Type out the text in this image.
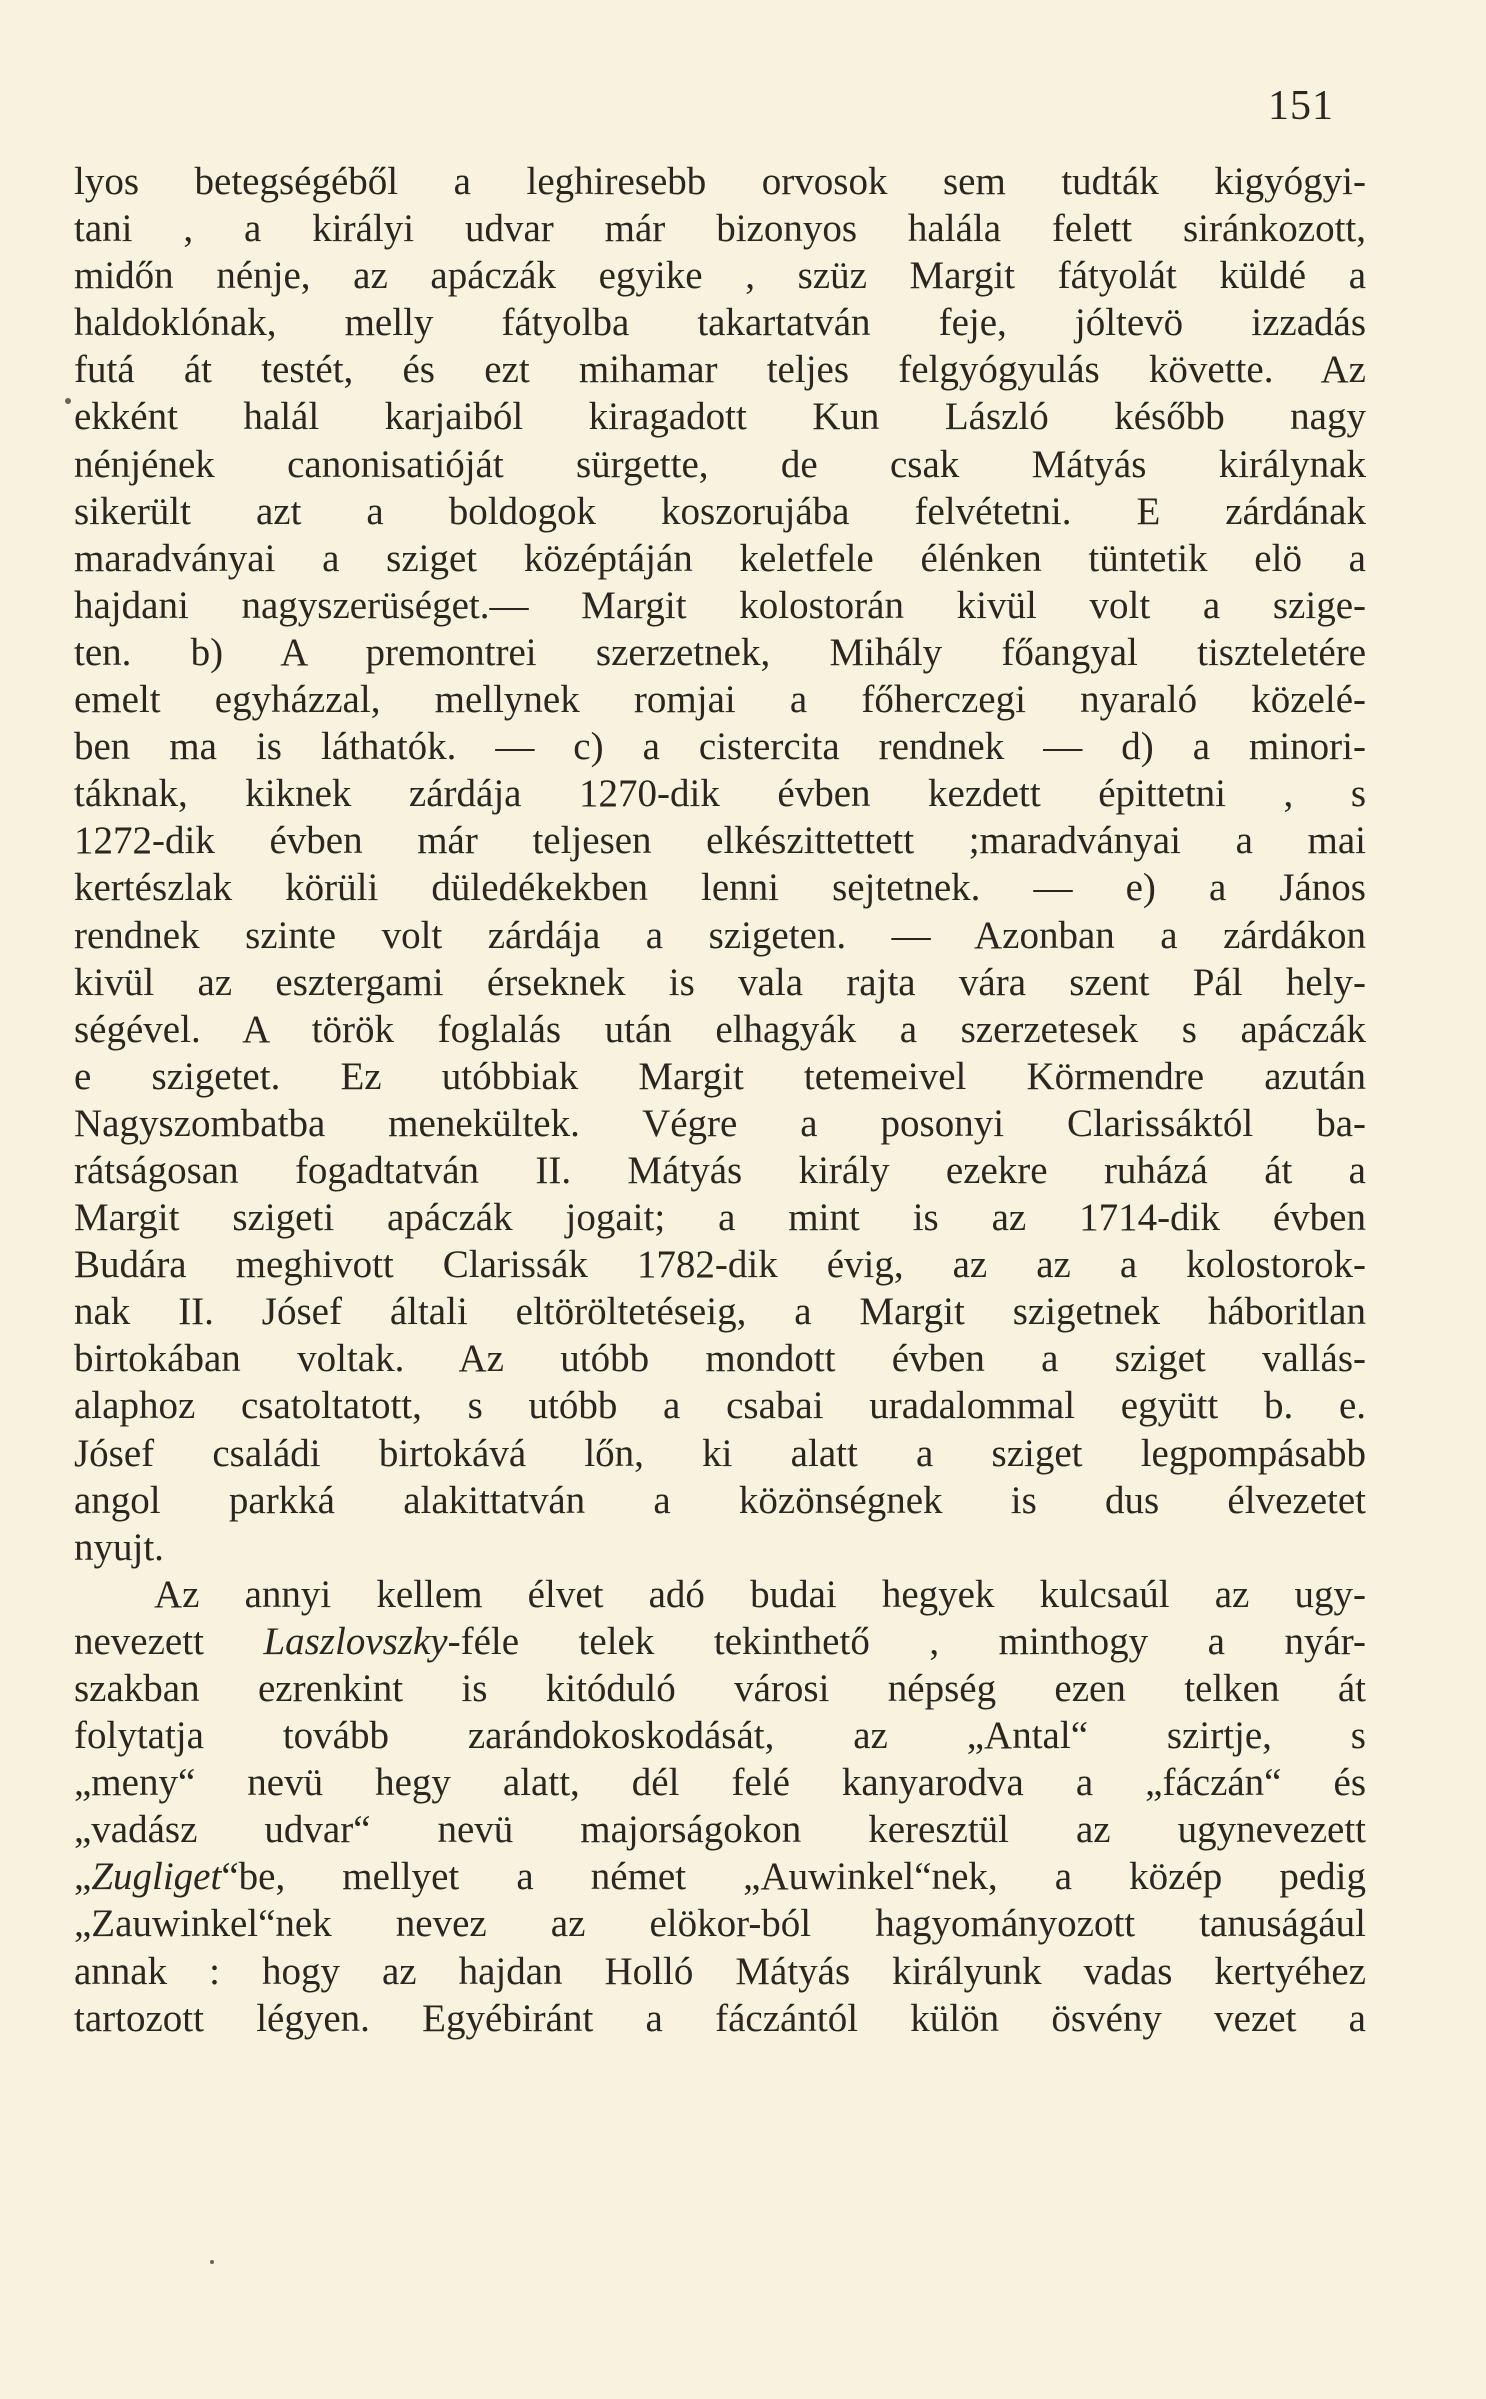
151
lyos betegségéből a leghiresebb orvosok sem tudták kigyógyi-
tani , a királyi udvar már bizonyos halála felett siránkozott,
midőn nénje, az apáczák egyike , szüz Margit fátyolát küldé a
haldoklónak, melly fátyolba takartatván feje, jóltevö izzadás
futá át testét, és ezt mihamar teljes felgyógyulás követte. Az
ekként halál karjaiból kiragadott Kun László később nagy
nénjének canonisatióját sürgette, de csak Mátyás királynak
sikerült azt a boldogok koszorujába felvétetni. E zárdának
maradványai a sziget középtáján keletfele élénken tüntetik elö a
hajdani nagyszerüséget.— Margit kolostorán kivül volt a szige-
ten. b) A premontrei szerzetnek, Mihály főangyal tiszteletére
emelt egyházzal, mellynek romjai a főherczegi nyaraló közelé-
ben ma is láthatók. — c) a cistercita rendnek — d) a minori-
táknak, kiknek zárdája 1270-dik évben kezdett épittetni , s
1272-dik évben már teljesen elkészittettett ;maradványai a mai
kertészlak körüli düledékekben lenni sejtetnek. — e) a János
rendnek szinte volt zárdája a szigeten. — Azonban a zárdákon
kivül az esztergami érseknek is vala rajta vára szent Pál hely-
ségével. A török foglalás után elhagyák a szerzetesek s apáczák
e szigetet. Ez utóbbiak Margit tetemeivel Körmendre azután
Nagyszombatba menekültek. Végre a posonyi Clarissáktól ba-
rátságosan fogadtatván II. Mátyás király ezekre ruházá át a
Margit szigeti apáczák jogait; a mint is az 1714-dik évben
Budára meghivott Clarissák 1782-dik évig, az az a kolostorok-
nak II. Jósef általi eltöröltetéseig, a Margit szigetnek háboritlan
birtokában voltak. Az utóbb mondott évben a sziget vallás-
alaphoz csatoltatott, s utóbb a csabai uradalommal együtt b. e.
Jósef családi birtokává lőn, ki alatt a sziget legpompásabb
angol parkká alakittatván a közönségnek is dus élvezetet
nyujt.
Az annyi kellem élvet adó budai hegyek kulcsaúl az ugy-
nevezett Laszlovszky-féle telek tekinthető , minthogy a nyár-
szakban ezrenkint is kitóduló városi népség ezen telken át
folytatja tovább zarándokoskodását, az „Antal“ szirtje, s
„meny“ nevü hegy alatt, dél felé kanyarodva a „fáczán“ és
„vadász udvar“ nevü majorságokon keresztül az ugynevezett
„Zugliget“be, mellyet a német „Auwinkel“nek, a közép pedig
„Zauwinkel“nek nevez az elökor-ból hagyományozott tanuságául
annak : hogy az hajdan Holló Mátyás királyunk vadas kertyéhez
tartozott légyen. Egyébiránt a fáczántól külön ösvény vezet a
